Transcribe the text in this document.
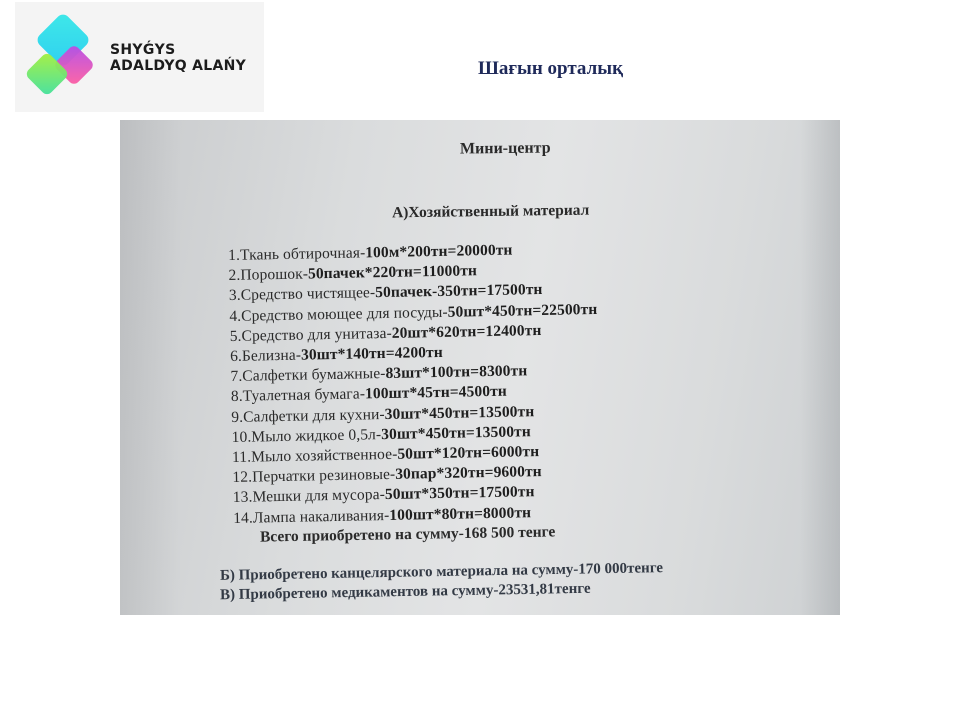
SHYǴYS
ADALDYQ ALAŃY	Шағын орталық
Мини-центр
А)Хозяйственный материал
1.Ткань обтирочная-100м*200тн=20000тн
2.Порошок-50пачек*220тн=11000тн
3.Средство чистящее-50пачек-350тн=17500тн
4.Средство моющее для посуды-50шт*450тн=22500тн
5.Средство для унитаза-20шт*620тн=12400тн
6.Белизна-30шт*140тн=4200тн
7.Салфетки бумажные-83шт*100тн=8300тн
8.Туалетная бумага-100шт*45тн=4500тн
9.Салфетки для кухни-30шт*450тн=13500тн
10.Мыло жидкое 0,5л-30шт*450тн=13500тн
11.Мыло хозяйственное-50шт*120тн=6000тн
12.Перчатки резиновые-30пар*320тн=9600тн
13.Мешки для мусора-50шт*350тн=17500тн
14.Лампа накаливания-100шт*80тн=8000тн
Всего приобретено на сумму-168 500 тенге
Б) Приобретено канцелярского материала на сумму-170 000тенге
В) Приобретено медикаментов на сумму-23531,81тенге
